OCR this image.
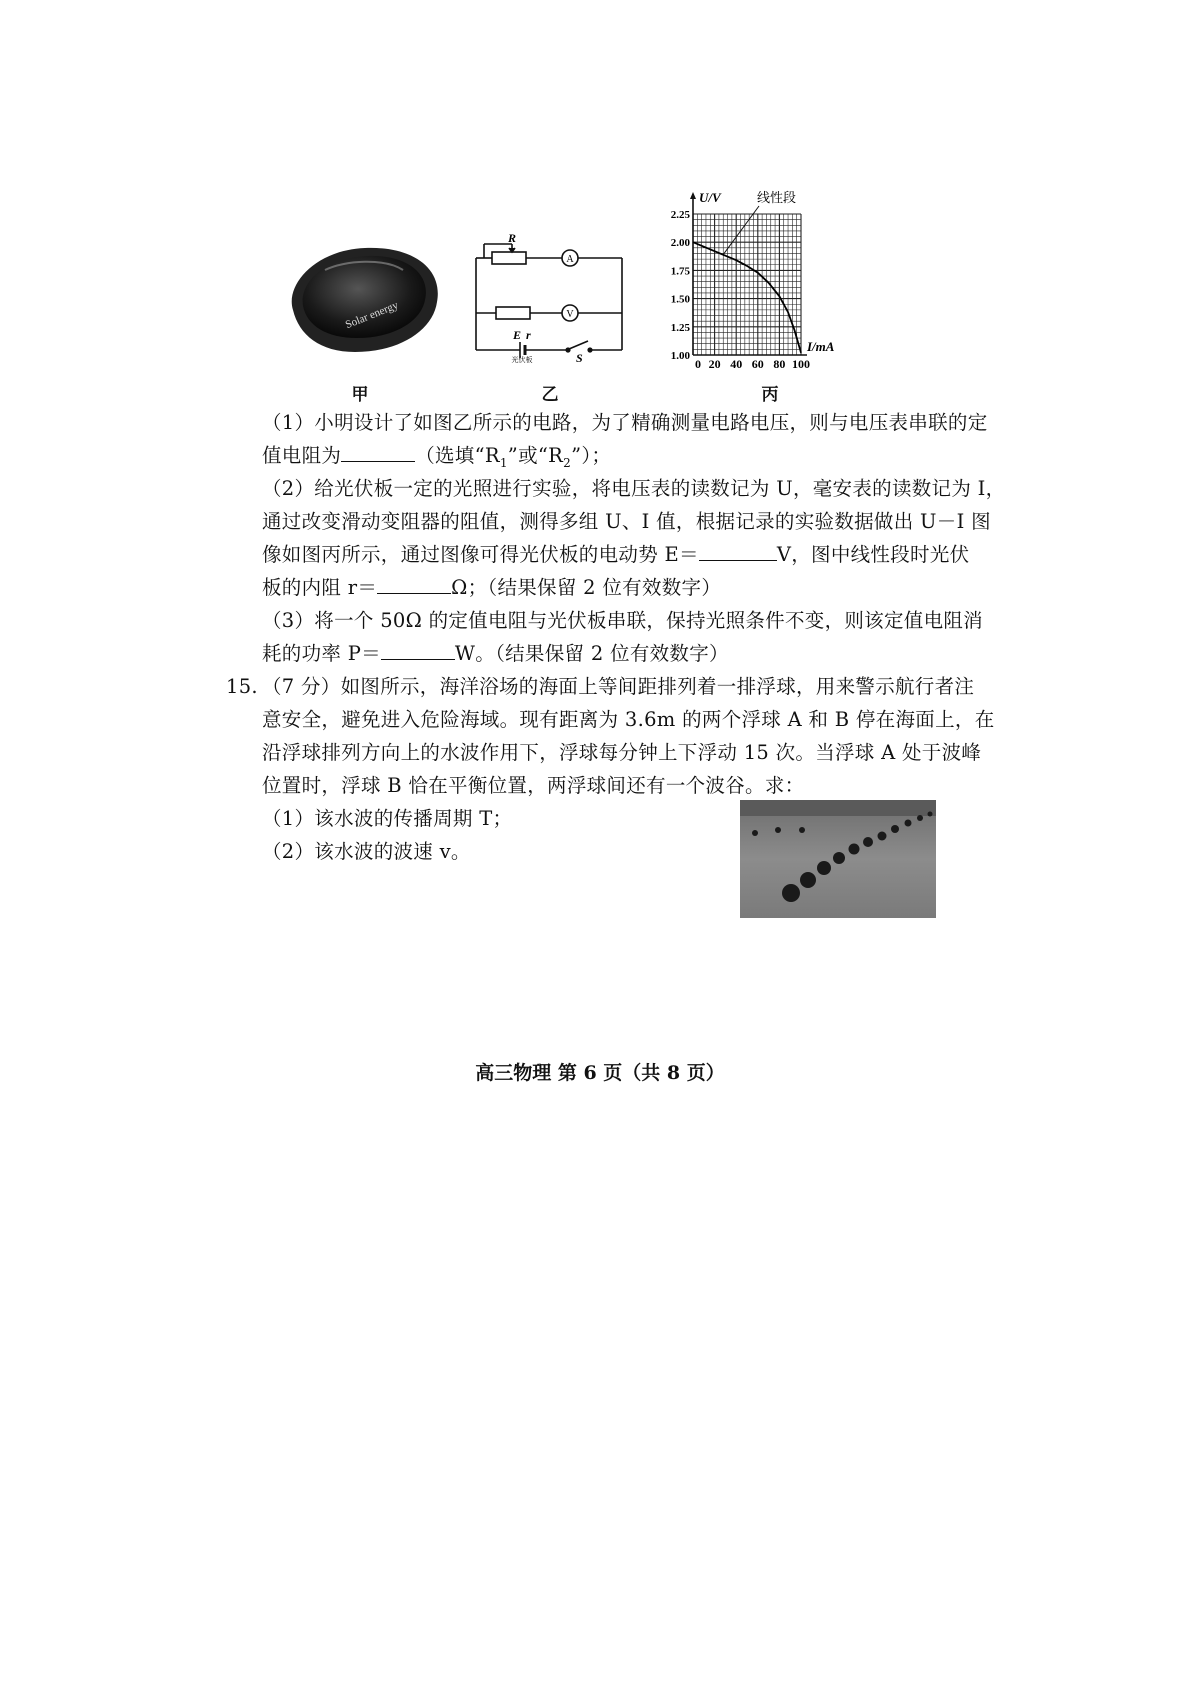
Solar energy
甲
R
A
V
E r
S
光伏板
乙
1.00
1.25
1.50
1.75
2.00
2.25
0 20 40 60 80 100
U/V
I/mA
线性段
丙
（1）小明设计了如图乙所示的电路，为了精确测量电路电压，则与电压表串联的定
值电阻为	（选填“$R_1$”或“$R_2$”）；
（2）给光伏板一定的光照进行实验，将电压表的读数记为 U，毫安表的读数记为 I，
通过改变滑动变阻器的阻值，测得多组 U、I 值，根据记录的实验数据做出 U－I 图
像如图丙所示，通过图像可得光伏板的电动势 E＝	V，图中线性段时光伏
板的内阻 r＝	Ω；（结果保留 2 位有效数字）
（3）将一个 50Ω 的定值电阻与光伏板串联，保持光照条件不变，则该定值电阻消
耗的功率 P＝	W。（结果保留 2 位有效数字）
15. （7 分）如图所示，海洋浴场的海面上等间距排列着一排浮球，用来警示航行者注
意安全，避免进入危险海域。现有距离为 3.6m 的两个浮球 A 和 B 停在海面上，在
沿浮球排列方向上的水波作用下，浮球每分钟上下浮动 15 次。当浮球 A 处于波峰
位置时，浮球 B 恰在平衡位置，两浮球间还有一个波谷。求：
（1）该水波的传播周期 T；
（2）该水波的波速 v。
高三物理 第 6 页（共 8 页）
